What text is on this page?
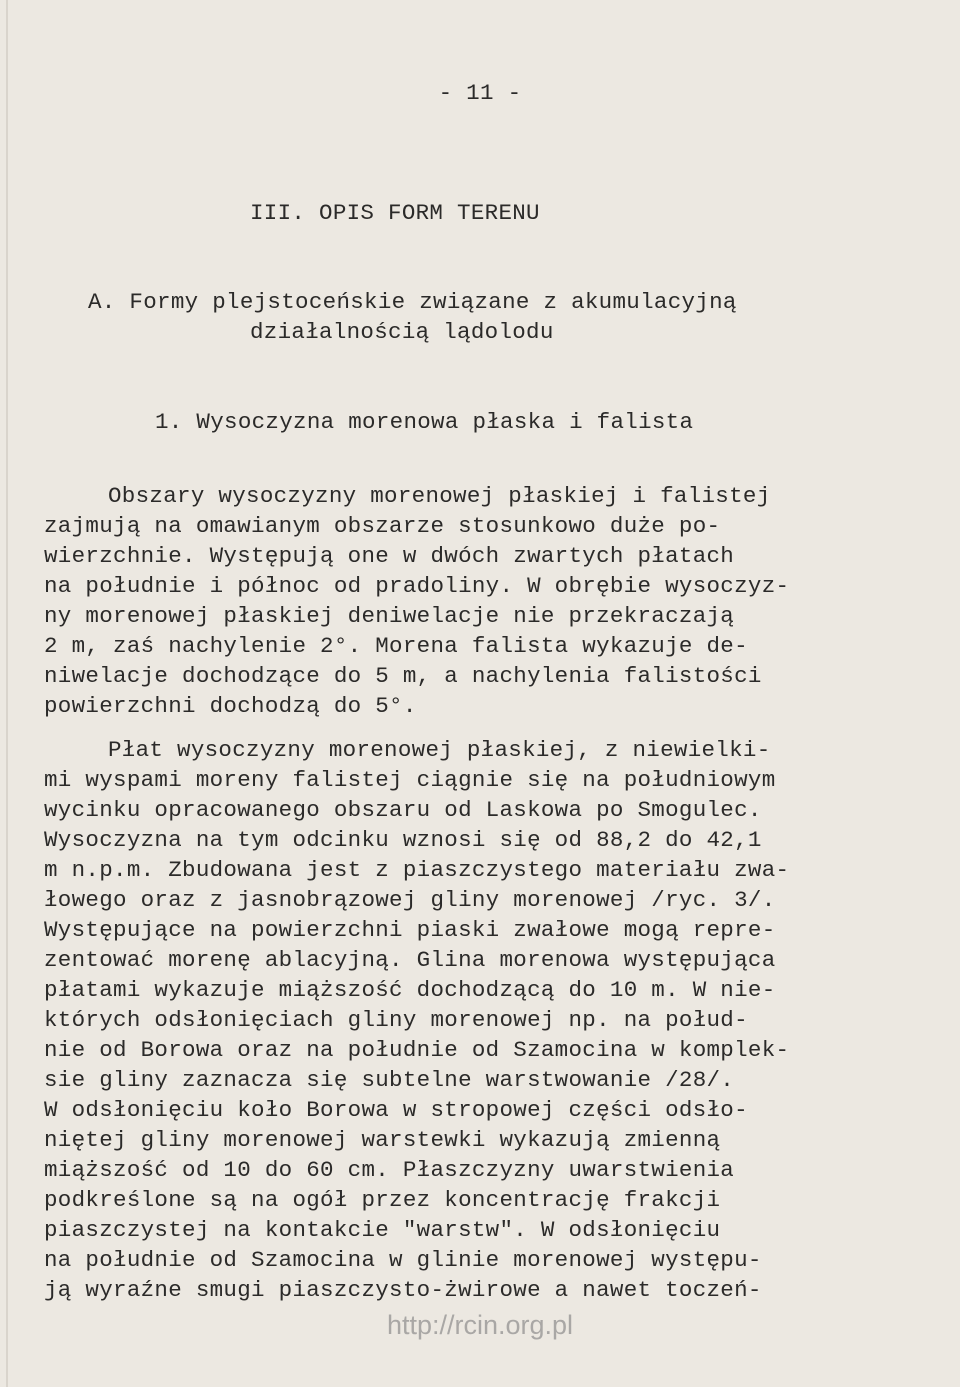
- 11 -
III. OPIS FORM TERENU
A. Formy plejstoceńskie związane z akumulacyjną
działalnością lądolodu
1. Wysoczyzna morenowa płaska i falista
Obszary wysoczyzny morenowej płaskiej i falistej
zajmują na omawianym obszarze stosunkowo duże po-
wierzchnie. Występują one w dwóch zwartych płatach
na południe i północ od pradoliny. W obrębie wysoczyz-
ny morenowej płaskiej deniwelacje nie przekraczają
2 m, zaś nachylenie 2°. Morena falista wykazuje de-
niwelacje dochodzące do 5 m, a nachylenia falistości
powierzchni dochodzą do 5°.
Płat wysoczyzny morenowej płaskiej, z niewielki-
mi wyspami moreny falistej ciągnie się na południowym
wycinku opracowanego obszaru od Laskowa po Smogulec.
Wysoczyzna na tym odcinku wznosi się od 88,2 do 42,1
m n.p.m. Zbudowana jest z piaszczystego materiału zwa-
łowego oraz z jasnobrązowej gliny morenowej /ryc. 3/.
Występujące na powierzchni piaski zwałowe mogą repre-
zentować morenę ablacyjną. Glina morenowa występująca
płatami wykazuje miąższość dochodzącą do 10 m. W nie-
których odsłonięciach gliny morenowej np. na połud-
nie od Borowa oraz na południe od Szamocina w komplek-
sie gliny zaznacza się subtelne warstwowanie /28/.
W odsłonięciu koło Borowa w stropowej części odsło-
niętej gliny morenowej warstewki wykazują zmienną
miąższość od 10 do 60 cm. Płaszczyzny uwarstwienia
podkreślone są na ogół przez koncentrację frakcji
piaszczystej na kontakcie "warstw". W odsłonięciu
na południe od Szamocina w glinie morenowej występu-
ją wyraźne smugi piaszczysto-żwirowe a nawet toczeń-
http://rcin.org.pl
